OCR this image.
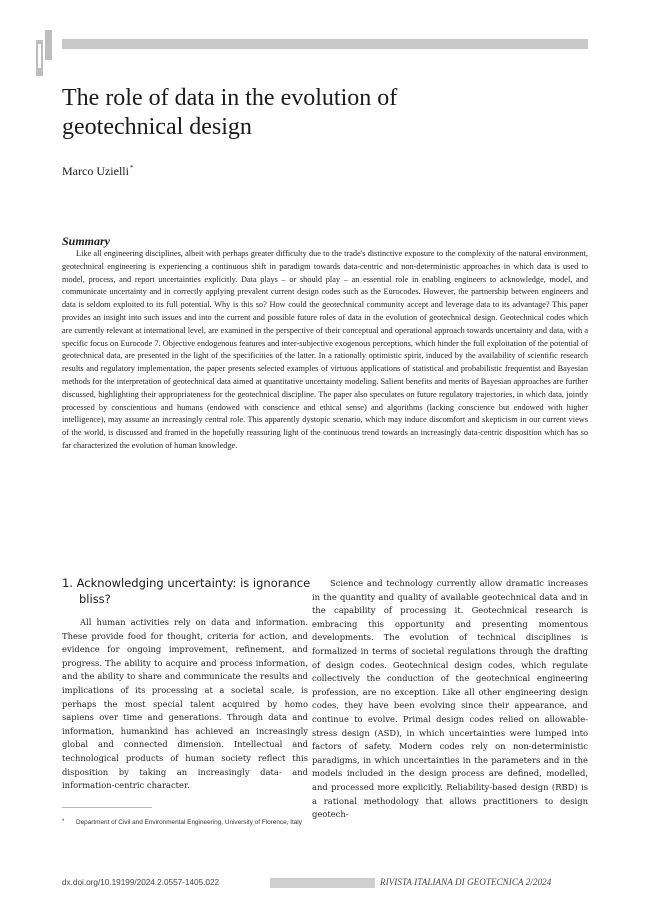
The role of data in the evolution of geotechnical design
Marco Uzielli*
Summary

Like all engineering disciplines, albeit with perhaps greater difficulty due to the trade's distinctive exposure to the complexity of the natural environment, geotechnical engineering is experiencing a continuous shift in paradigm towards data-centric and non-deterministic approaches in which data is used to model, process, and report uncertainties explicitly. Data plays – or should play – an essential role in enabling engineers to acknowledge, model, and communicate uncertainty and in correctly applying prevalent current design codes such as the Eurocodes. However, the partnership between engineers and data is seldom exploited to its full potential. Why is this so? How could the geotechnical community accept and leverage data to its advantage? This paper provides an insight into such issues and into the current and possible future roles of data in the evolution of geotechnical design. Geotechnical codes which are currently relevant at international level, are examined in the perspective of their conceptual and operational approach towards uncertainty and data, with a specific focus on Eurocode 7. Objective endogenous features and inter-subjective exogenous perceptions, which hinder the full exploitation of the potential of geotechnical data, are presented in the light of the specificities of the latter. In a rationally optimistic spirit, induced by the availability of scientific research results and regulatory implementation, the paper presents selected examples of virtuous applications of statistical and probabilistic frequentist and Bayesian methods for the interpretation of geotechnical data aimed at quantitative uncertainty modeling. Salient benefits and merits of Bayesian approaches are further discussed, highlighting their appropriateness for the geotechnical discipline. The paper also speculates on future regulatory trajectories, in which data, jointly processed by conscientious and humans (endowed with conscience and ethical sense) and algorithms (lacking conscience but endowed with higher intelligence), may assume an increasingly central role. This apparently dystopic scenario, which may induce discomfort and skepticism in our current views of the world, is discussed and framed in the hopefully reassuring light of the continuous trend towards an increasingly data-centric disposition which has so far characterized the evolution of human knowledge.

1. Acknowledging uncertainty: is ignorance bliss?

All human activities rely on data and information. These provide food for thought, criteria for action, and evidence for ongoing improvement, refinement, and progress. The ability to acquire and process information, and the ability to share and communicate the results and implications of its processing at a societal scale, is perhaps the most special talent acquired by homo sapiens over time and generations. Through data and information, humankind has achieved an increasingly global and connected dimension. Intellectual and technological products of human society reflect this disposition by taking an increasingly data- and information-centric character.

Science and technology currently allow dramatic increases in the quantity and quality of available geotechnical data and in the capability of processing it. Geotechnical research is embracing this opportunity and presenting momentous developments. The evolution of technical disciplines is formalized in terms of societal regulations through the drafting of design codes. Geotechnical design codes, which regulate collectively the conduction of the geotechnical engineering profession, are no exception. Like all other engineering design codes, they have been evolving since their appearance, and continue to evolve. Primal design codes relied on allowable-stress design (ASD), in which uncertainties were lumped into factors of safety. Modern codes rely on non-deterministic paradigms, in which uncertainties in the parameters and in the models included in the design process are defined, modelled, and processed more explicitly. Reliability-based design (RBD) is a rational methodology that allows practitioners to design geotech-

* Department of Civil and Environmental Engineering, University of Florence, Italy

dx.doi.org/10.19199/2024.2.0557-1405.022	RIVISTA ITALIANA DI GEOTECNICA 2/2024
